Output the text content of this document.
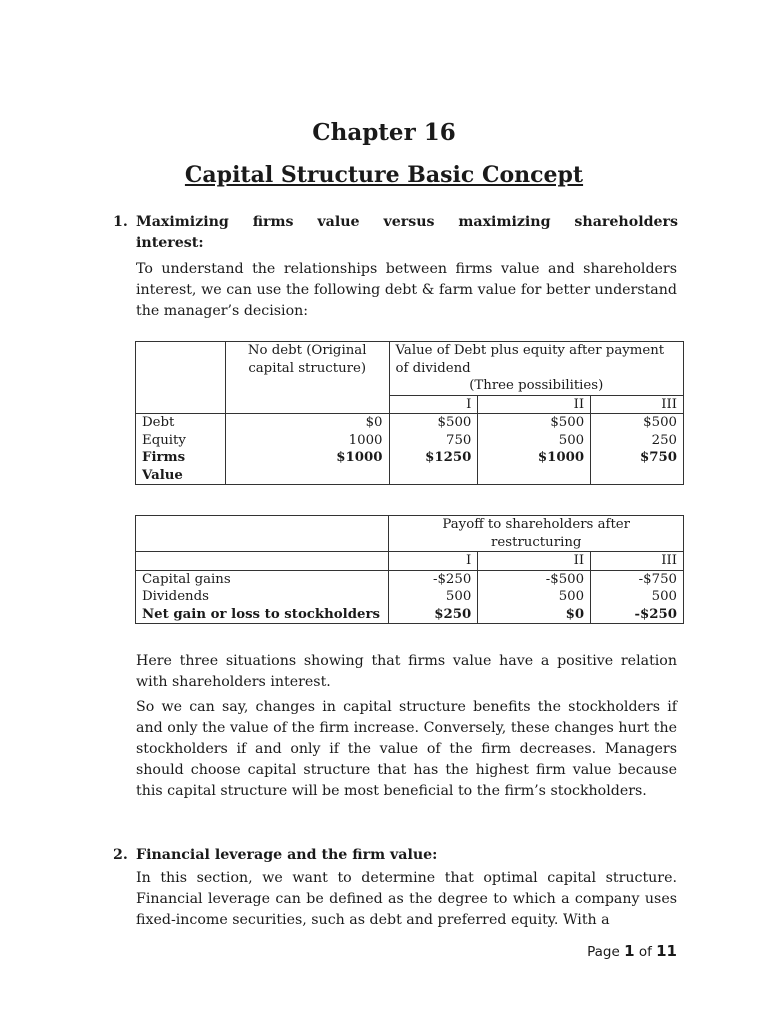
Chapter 16
Capital Structure Basic Concept
1. Maximizing firms value versus maximizing shareholders
interest:
To understand the relationships between firms value and shareholders interest, we can use the following debt & farm value for better understand the manager’s decision:
	No debt (Original capital structure)	Value of Debt plus equity after payment of dividend
(Three possibilities)		

		I	II	III
Debt	$0	$500	$500	$500
Equity	1000	750	500	250
Firms Value	$1000	$1250	$1000	$750
	Payoff to shareholders after restructuring		
	I	II	III
Capital gains	-$250	-$500	-$750
Dividends	500	500	500
Net gain or loss to stockholders	$250	$0	-$250
Here three situations showing that firms value have a positive relation with shareholders interest.
So we can say, changes in capital structure benefits the stockholders if and only the value of the firm increase. Conversely, these changes hurt the stockholders if and only if the value of the firm decreases. Managers should choose capital structure that has the highest firm value because this capital structure will be most beneficial to the firm’s stockholders.
2. Financial leverage and the firm value:
In this section, we want to determine that optimal capital structure. Financial leverage can be defined as the degree to which a company uses fixed-income securities, such as debt and preferred equity. With a
Page 1 of 11
